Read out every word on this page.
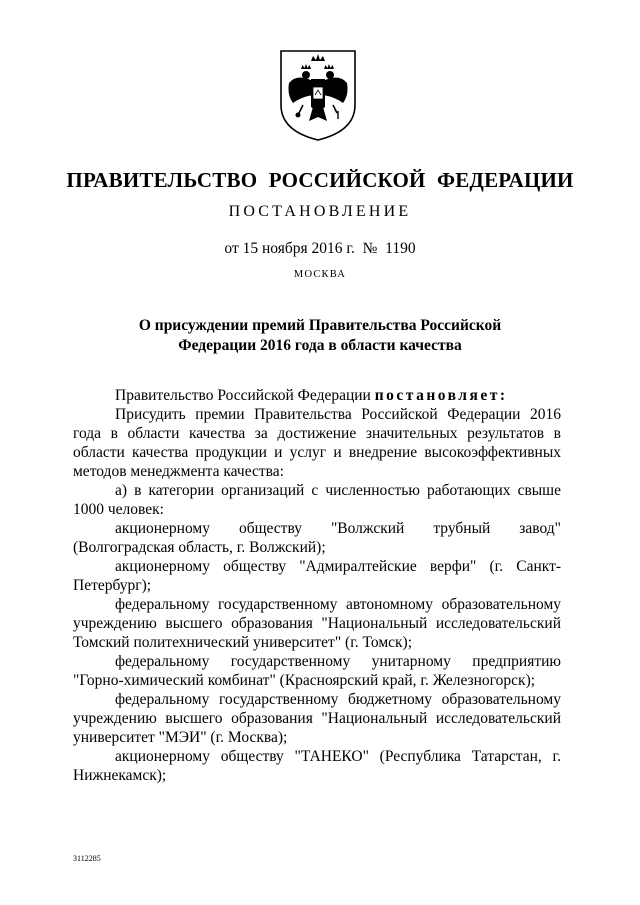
ПРАВИТЕЛЬСТВО РОССИЙСКОЙ ФЕДЕРАЦИИ
ПОСТАНОВЛЕНИЕ
от 15 ноября 2016 г.  №  1190
МОСКВА
О присуждении премий Правительства Российской
Федерации 2016 года в области качества

Правительство Российской Федерации постановляет:

Присудить премии Правительства Российской Федерации 2016 года в области качества за достижение значительных результатов в области качества продукции и услуг и внедрение высокоэффективных методов менеджмента качества:

а) в категории организаций с численностью работающих свыше 1000 человек:

акционерному обществу "Волжский трубный завод" (Волгоградская область, г. Волжский);

акционерному обществу "Адмиралтейские верфи" (г. Санкт-Петербург);

федеральному государственному автономному образовательному учреждению высшего образования "Национальный исследовательский Томский политехнический университет" (г. Томск);

федеральному государственному унитарному предприятию "Горно-химический комбинат" (Красноярский край, г. Железногорск);

федеральному государственному бюджетному образовательному учреждению высшего образования "Национальный исследовательский университет "МЭИ" (г. Москва);

акционерному обществу "ТАНЕКО" (Республика Татарстан, г. Нижнекамск);

3112285
